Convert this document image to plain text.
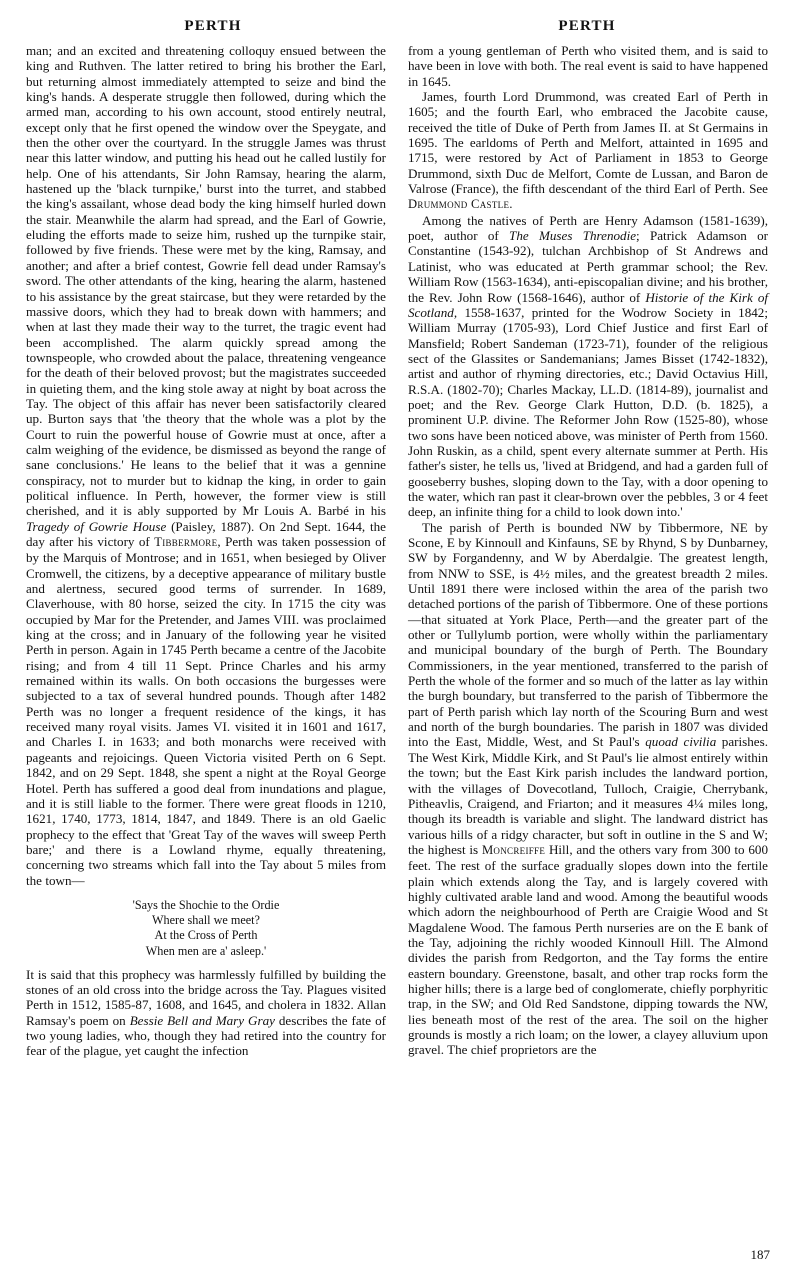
PERTH	PERTH

man; and an excited and threatening colloquy ensued between the king and Ruthven. The latter retired to bring his brother the Earl, but returning almost immediately attempted to seize and bind the king's hands. A desperate struggle then followed, during which the armed man, according to his own account, stood entirely neutral, except only that he first opened the window over the Speygate, and then the other over the courtyard. In the struggle James was thrust near this latter window, and putting his head out he called lustily for help. One of his attendants, Sir John Ramsay, hearing the alarm, hastened up the 'black turnpike,' burst into the turret, and stabbed the king's assailant, whose dead body the king himself hurled down the stair. Meanwhile the alarm had spread, and the Earl of Gowrie, eluding the efforts made to seize him, rushed up the turnpike stair, followed by five friends. These were met by the king, Ramsay, and another; and after a brief contest, Gowrie fell dead under Ramsay's sword. The other attendants of the king, hearing the alarm, hastened to his assistance by the great staircase, but they were retarded by the massive doors, which they had to break down with hammers; and when at last they made their way to the turret, the tragic event had been accomplished. The alarm quickly spread among the townspeople, who crowded about the palace, threatening vengeance for the death of their beloved provost; but the magistrates succeeded in quieting them, and the king stole away at night by boat across the Tay. The object of this affair has never been satisfactorily cleared up. Burton says that 'the theory that the whole was a plot by the Court to ruin the powerful house of Gowrie must at once, after a calm weighing of the evidence, be dismissed as beyond the range of sane conclusions.' He leans to the belief that it was a gennine conspiracy, not to murder but to kidnap the king, in order to gain political influence. In Perth, however, the former view is still cherished, and it is ably supported by Mr Louis A. Barbé in his Tragedy of Gowrie House (Paisley, 1887). On 2nd Sept. 1644, the day after his victory of Tibbermore, Perth was taken possession of by the Marquis of Montrose; and in 1651, when besieged by Oliver Cromwell, the citizens, by a deceptive appearance of military bustle and alertness, secured good terms of surrender. In 1689, Claverhouse, with 80 horse, seized the city. In 1715 the city was occupied by Mar for the Pretender, and James VIII. was proclaimed king at the cross; and in January of the following year he visited Perth in person. Again in 1745 Perth became a centre of the Jacobite rising; and from 4 till 11 Sept. Prince Charles and his army remained within its walls. On both occasions the burgesses were subjected to a tax of several hundred pounds. Though after 1482 Perth was no longer a frequent residence of the kings, it has received many royal visits. James VI. visited it in 1601 and 1617, and Charles I. in 1633; and both monarchs were received with pageants and rejoicings. Queen Victoria visited Perth on 6 Sept. 1842, and on 29 Sept. 1848, she spent a night at the Royal George Hotel. Perth has suffered a good deal from inundations and plague, and it is still liable to the former. There were great floods in 1210, 1621, 1740, 1773, 1814, 1847, and 1849. There is an old Gaelic prophecy to the effect that 'Great Tay of the waves will sweep Perth bare;' and there is a Lowland rhyme, equally threatening, concerning two streams which fall into the Tay about 5 miles from the town—

'Says the Shochie to the Ordie
Where shall we meet?
At the Cross of Perth
When men are a' asleep.'

It is said that this prophecy was harmlessly fulfilled by building the stones of an old cross into the bridge across the Tay. Plagues visited Perth in 1512, 1585-87, 1608, and 1645, and cholera in 1832. Allan Ramsay's poem on Bessie Bell and Mary Gray describes the fate of two young ladies, who, though they had retired into the country for fear of the plague, yet caught the infection

from a young gentleman of Perth who visited them, and is said to have been in love with both. The real event is said to have happened in 1645.

James, fourth Lord Drummond, was created Earl of Perth in 1605; and the fourth Earl, who embraced the Jacobite cause, received the title of Duke of Perth from James II. at St Germains in 1695. The earldoms of Perth and Melfort, attainted in 1695 and 1715, were restored by Act of Parliament in 1853 to George Drummond, sixth Duc de Melfort, Comte de Lussan, and Baron de Valrose (France), the fifth descendant of the third Earl of Perth. See Drummond Castle.

Among the natives of Perth are Henry Adamson (1581-1639), poet, author of The Muses Threnodie; Patrick Adamson or Constantine (1543-92), tulchan Archbishop of St Andrews and Latinist, who was educated at Perth grammar school; the Rev. William Row (1563-1634), anti-episcopalian divine; and his brother, the Rev. John Row (1568-1646), author of Historie of the Kirk of Scotland, 1558-1637, printed for the Wodrow Society in 1842; William Murray (1705-93), Lord Chief Justice and first Earl of Mansfield; Robert Sandeman (1723-71), founder of the religious sect of the Glassites or Sandemanians; James Bisset (1742-1832), artist and author of rhyming directories, etc.; David Octavius Hill, R.S.A. (1802-70); Charles Mackay, LL.D. (1814-89), journalist and poet; and the Rev. George Clark Hutton, D.D. (b. 1825), a prominent U.P. divine. The Reformer John Row (1525-80), whose two sons have been noticed above, was minister of Perth from 1560. John Ruskin, as a child, spent every alternate summer at Perth. His father's sister, he tells us, 'lived at Bridgend, and had a garden full of gooseberry bushes, sloping down to the Tay, with a door opening to the water, which ran past it clear-brown over the pebbles, 3 or 4 feet deep, an infinite thing for a child to look down into.'

The parish of Perth is bounded NW by Tibbermore, NE by Scone, E by Kinnoull and Kinfauns, SE by Rhynd, S by Dunbarney, SW by Forgandenny, and W by Aberdalgie. The greatest length, from NNW to SSE, is 4½ miles, and the greatest breadth 2 miles. Until 1891 there were inclosed within the area of the parish two detached portions of the parish of Tibbermore. One of these portions—that situated at York Place, Perth—and the greater part of the other or Tullylumb portion, were wholly within the parliamentary and municipal boundary of the burgh of Perth. The Boundary Commissioners, in the year mentioned, transferred to the parish of Perth the whole of the former and so much of the latter as lay within the burgh boundary, but transferred to the parish of Tibbermore the part of Perth parish which lay north of the Scouring Burn and west and north of the burgh boundaries. The parish in 1807 was divided into the East, Middle, West, and St Paul's quoad civilia parishes. The West Kirk, Middle Kirk, and St Paul's lie almost entirely within the town; but the East Kirk parish includes the landward portion, with the villages of Dovecotland, Tulloch, Craigie, Cherrybank, Pitheavlis, Craigend, and Friarton; and it measures 4¼ miles long, though its breadth is variable and slight. The landward district has various hills of a ridgy character, but soft in outline in the S and W; the highest is Moncreiffe Hill, and the others vary from 300 to 600 feet. The rest of the surface gradually slopes down into the fertile plain which extends along the Tay, and is largely covered with highly cultivated arable land and wood. Among the beautiful woods which adorn the neighbourhood of Perth are Craigie Wood and St Magdalene Wood. The famous Perth nurseries are on the E bank of the Tay, adjoining the richly wooded Kinnoull Hill. The Almond divides the parish from Redgorton, and the Tay forms the entire eastern boundary. Greenstone, basalt, and other trap rocks form the higher hills; there is a large bed of conglomerate, chiefly porphyritic trap, in the SW; and Old Red Sandstone, dipping towards the NW, lies beneath most of the rest of the area. The soil on the higher grounds is mostly a rich loam; on the lower, a clayey alluvium upon gravel. The chief proprietors are the

187
